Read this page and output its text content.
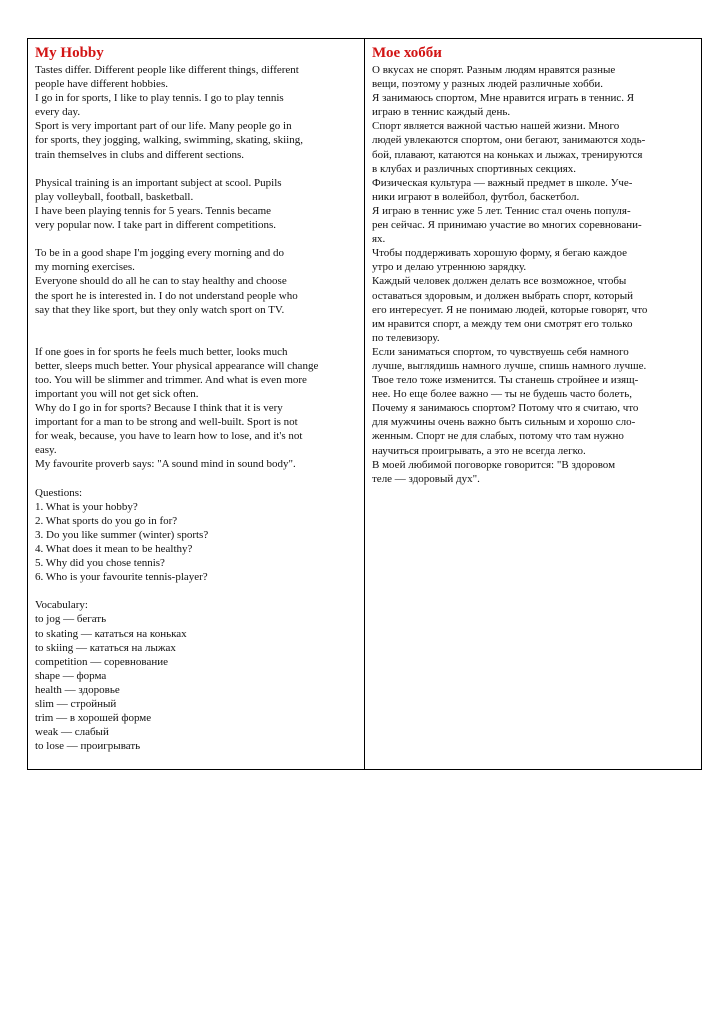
My Hobby
Tastes differ. Different people like different things, different
people have different hobbies.
I go in for sports, I like to play tennis. I go to play tennis
every day.
Sport is very important part of our life. Many people go in
for sports, they jogging, walking, swimming, skating, skiing,
train themselves in clubs and different sections.
Physical training is an important subject at scool. Pupils
play volleyball, football, basketball.
I have been playing tennis for 5 years. Tennis became
very popular now. I take part in different competitions.
To be in a good shape I'm jogging every morning and do
my morning exercises.
Everyone should do all he can to stay healthy and choose
the sport he is interested in. I do not understand people who
say that they like sport, but they only watch sport on TV.
If one goes in for sports he feels much better, looks much
better, sleeps much better. Your physical appearance will change
too. You will be slimmer and trimmer. And what is even more
important you will not get sick often.
Why do I go in for sports? Because I think that it is very
important for a man to be strong and well-built. Sport is not
for weak, because, you have to learn how to lose, and it's not
easy.
My favourite proverb says: "A sound mind in sound body".
Questions:
1. What is your hobby?
2. What sports do you go in for?
3. Do you like summer (winter) sports?
4. What does it mean to be healthy?
5. Why did you chose tennis?
6. Who is your favourite tennis-player?
Vocabulary:
to jog — бегать
to skating — кататься на коньках
to skiing — кататься на лыжах
competition — соревнование
shape — форма
health — здоровье
slim — стройный
trim — в хорошей форме
weak — слабый
to lose — проигрывать
Мое хобби
О вкусах не спорят. Разным людям нравятся разные
вещи, поэтому у разных людей различные хобби.
Я занимаюсь спортом, Мне нравится играть в теннис. Я
играю в теннис каждый день.
Спорт является важной частью нашей жизни. Много
людей увлекаются спортом, они бегают, занимаются ходь-
бой, плавают, катаются на коньках и лыжах, тренируются
в клубах и различных спортивных секциях.
Физическая культура — важный предмет в школе. Уче-
ники играют в волейбол, футбол, баскетбол.
Я играю в теннис уже 5 лет. Теннис стал очень популя-
рен сейчас. Я принимаю участие во многих соревновани-
ях.
Чтобы поддерживать хорошую форму, я бегаю каждое
утро и делаю утреннюю зарядку.
Каждый человек должен делать все возможное, чтобы
оставаться здоровым, и должен выбрать спорт, который
его интересует. Я не понимаю людей, которые говорят, что
им нравится спорт, а между тем они смотрят его только
по телевизору.
Если заниматься спортом, то чувствуешь себя намного
лучше, выглядишь намного лучше, спишь намного лучше.
Твое тело тоже изменится. Ты станешь стройнее и изящ-
нее. Но еще более важно — ты не будешь часто болеть,
Почему я занимаюсь спортом? Потому что я считаю, что
для мужчины очень важно быть сильным и хорошо сло-
женным. Спорт не для слабых, потому что там нужно
научиться проигрывать, а это не всегда легко.
В моей любимой поговорке говорится: "В здоровом
теле — здоровый дух".
